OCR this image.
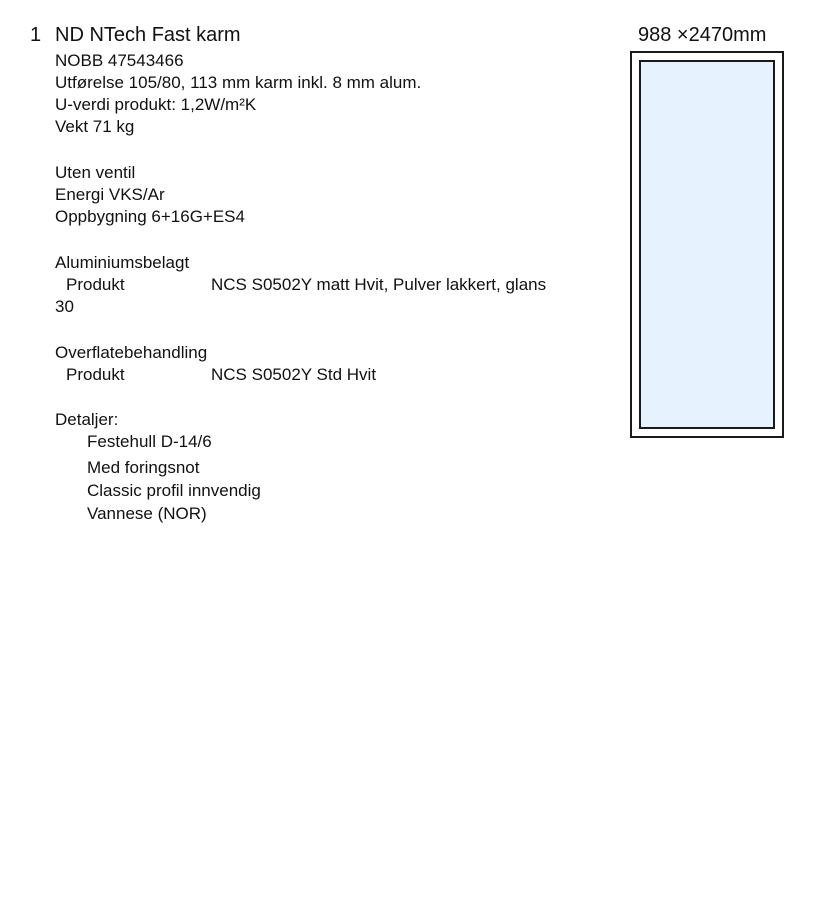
1 ND NTech Fast karm	988 ×2470mm
NOBB 47543466
Utførelse 105/80, 113 mm karm inkl. 8 mm alum.
U-verdi produkt: 1,2W/m²K
Vekt 71 kg
Uten ventil
Energi VKS/Ar
Oppbygning 6+16G+ES4
Aluminiumsbelagt
Produkt	NCS S0502Y matt Hvit, Pulver lakkert, glans
30
Overflatebehandling
Produkt	NCS S0502Y Std Hvit
Detaljer:
Festehull D-14/6
Med foringsnot
Classic profil innvendig
Vannese (NOR)
